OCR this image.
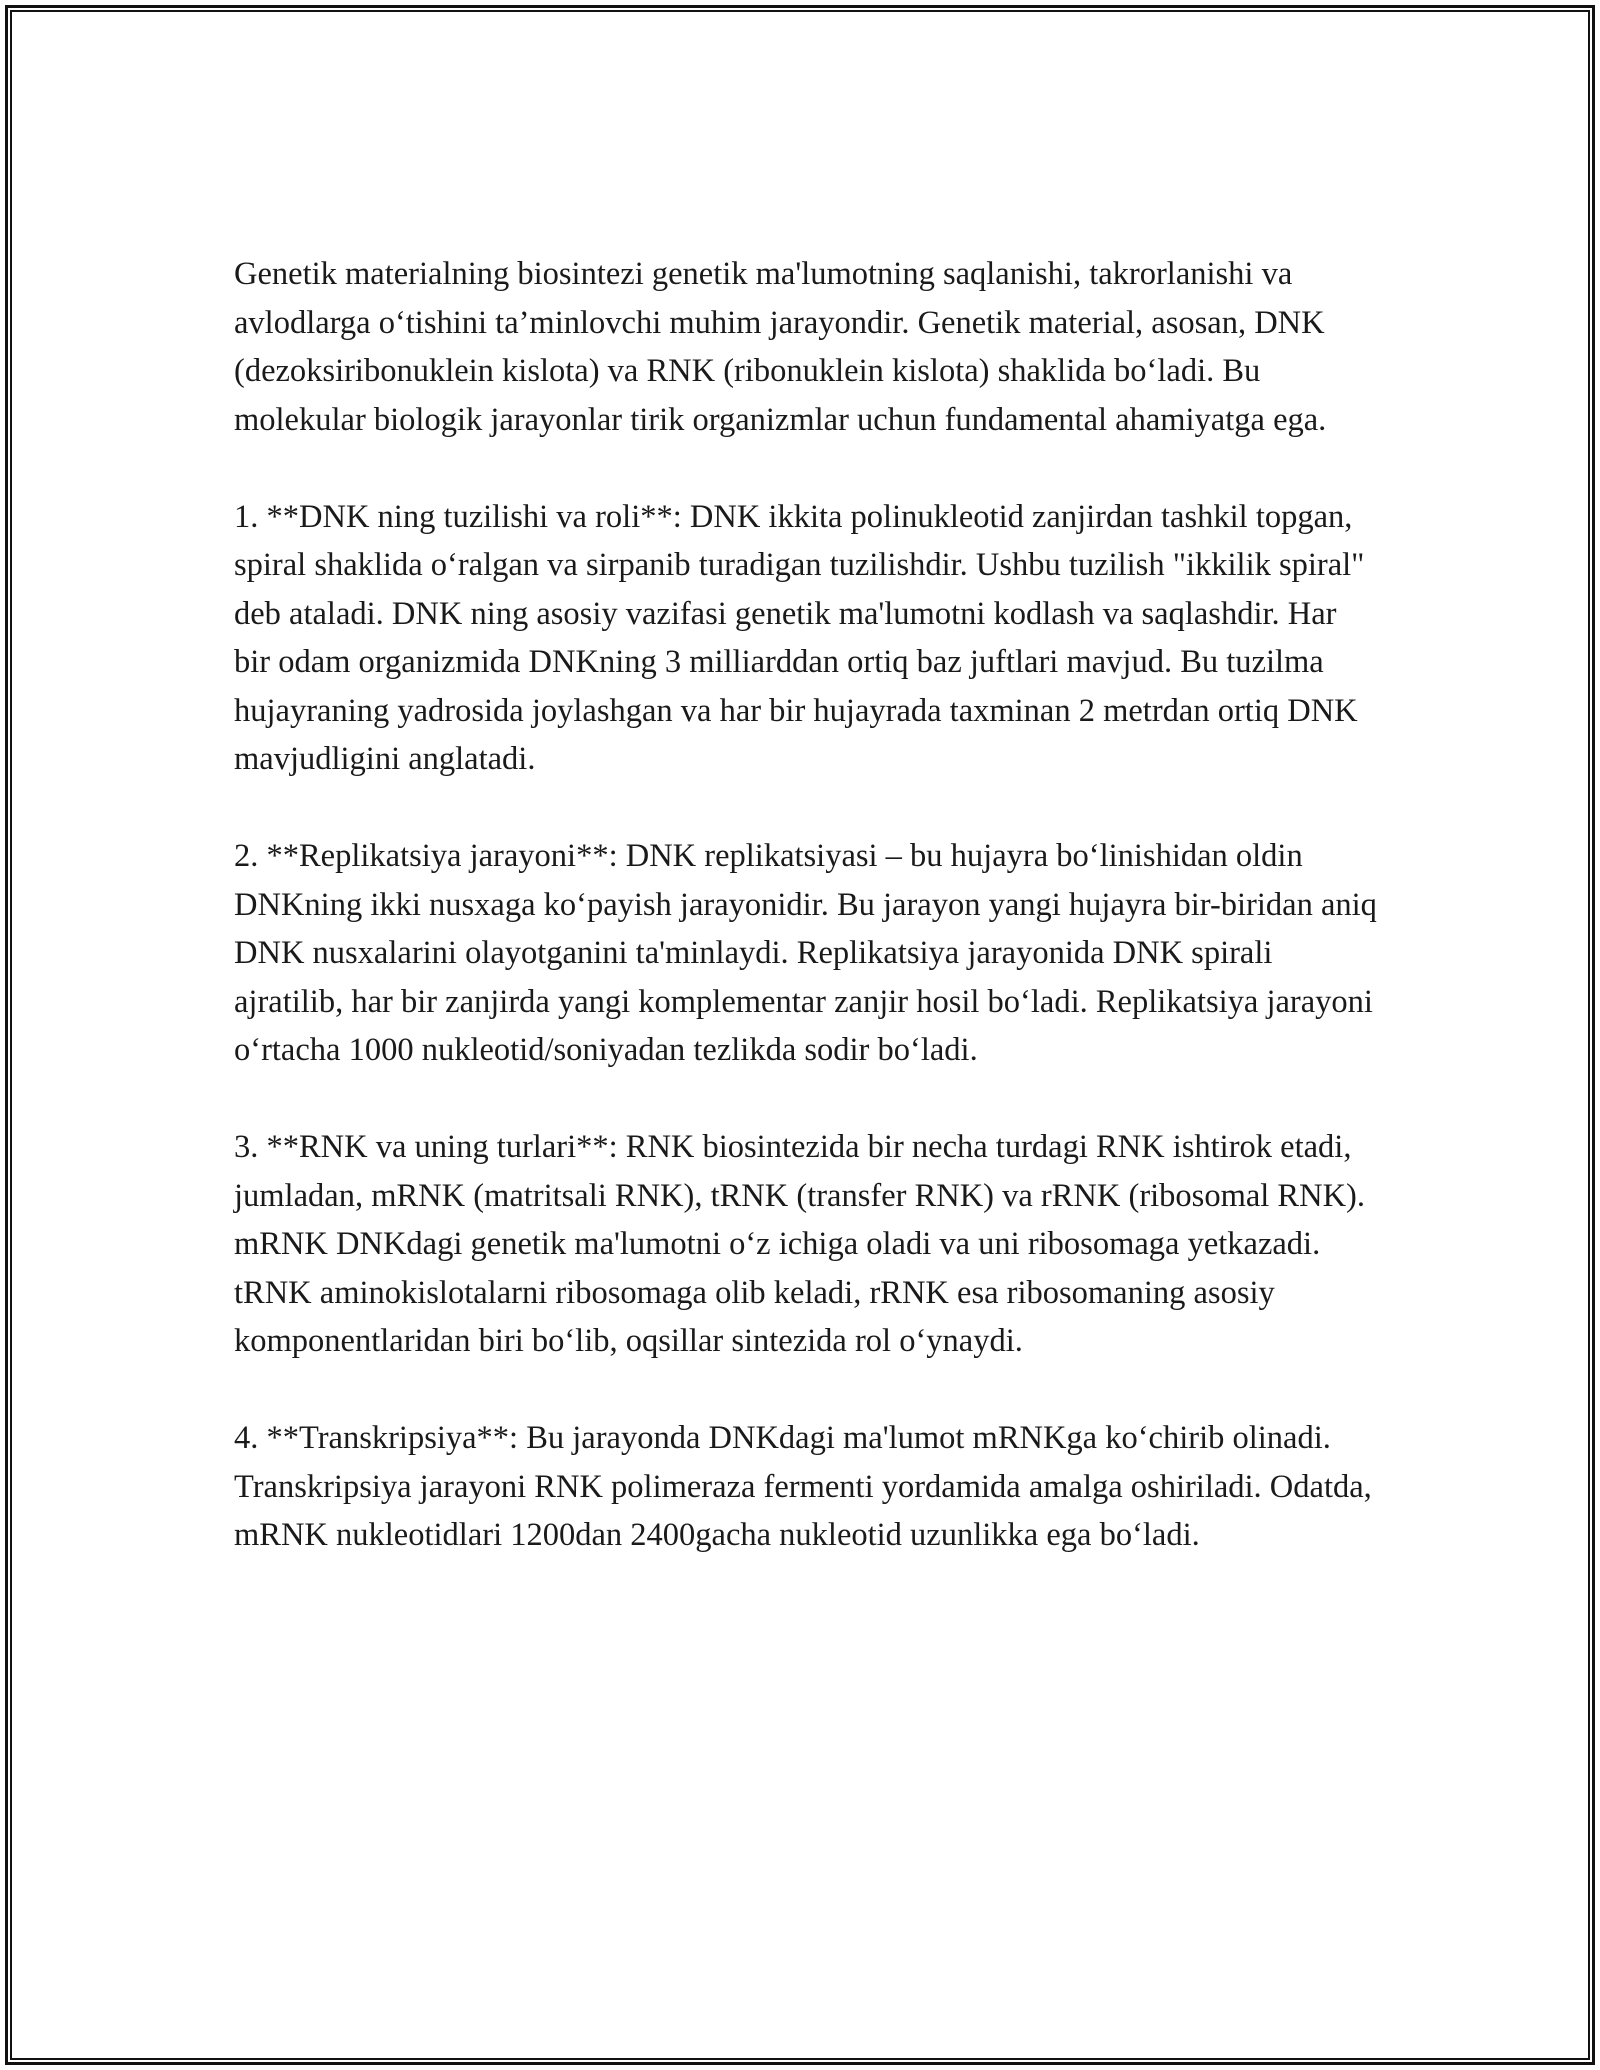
Genetik materialning biosintezi genetik ma'lumotning saqlanishi, takrorlanishi va avlodlarga o‘tishini ta’minlovchi muhim jarayondir. Genetik material, asosan, DNK (dezoksiribonuklein kislota) va RNK (ribonuklein kislota) shaklida bo‘ladi. Bu molekular biologik jarayonlar tirik organizmlar uchun fundamental ahamiyatga ega.

1. **DNK ning tuzilishi va roli**: DNK ikkita polinukleotid zanjirdan tashkil topgan, spiral shaklida o‘ralgan va sirpanib turadigan tuzilishdir. Ushbu tuzilish "ikkilik spiral" deb ataladi. DNK ning asosiy vazifasi genetik ma'lumotni kodlash va saqlashdir. Har bir odam organizmida DNKning 3 milliarddan ortiq baz juftlari mavjud. Bu tuzilma hujayraning yadrosida joylashgan va har bir hujayrada taxminan 2 metrdan ortiq DNK mavjudligini anglatadi.

2. **Replikatsiya jarayoni**: DNK replikatsiyasi – bu hujayra bo‘linishidan oldin DNKning ikki nusxaga ko‘payish jarayonidir. Bu jarayon yangi hujayra bir-biridan aniq DNK nusxalarini olayotganini ta'minlaydi. Replikatsiya jarayonida DNK spirali ajratilib, har bir zanjirda yangi komplementar zanjir hosil bo‘ladi. Replikatsiya jarayoni o‘rtacha 1000 nukleotid/soniyadan tezlikda sodir bo‘ladi.

3. **RNK va uning turlari**: RNK biosintezida bir necha turdagi RNK ishtirok etadi, jumladan, mRNK (matritsali RNK), tRNK (transfer RNK) va rRNK (ribosomal RNK). mRNK DNKdagi genetik ma'lumotni o‘z ichiga oladi va uni ribosomaga yetkazadi. tRNK aminokislotalarni ribosomaga olib keladi, rRNK esa ribosomaning asosiy komponentlaridan biri bo‘lib, oqsillar sintezida rol o‘ynaydi.

4. **Transkripsiya**: Bu jarayonda DNKdagi ma'lumot mRNKga ko‘chirib olinadi. Transkripsiya jarayoni RNK polimeraza fermenti yordamida amalga oshiriladi. Odatda, mRNK nukleotidlari 1200dan 2400gacha nukleotid uzunlikka ega bo‘ladi.
